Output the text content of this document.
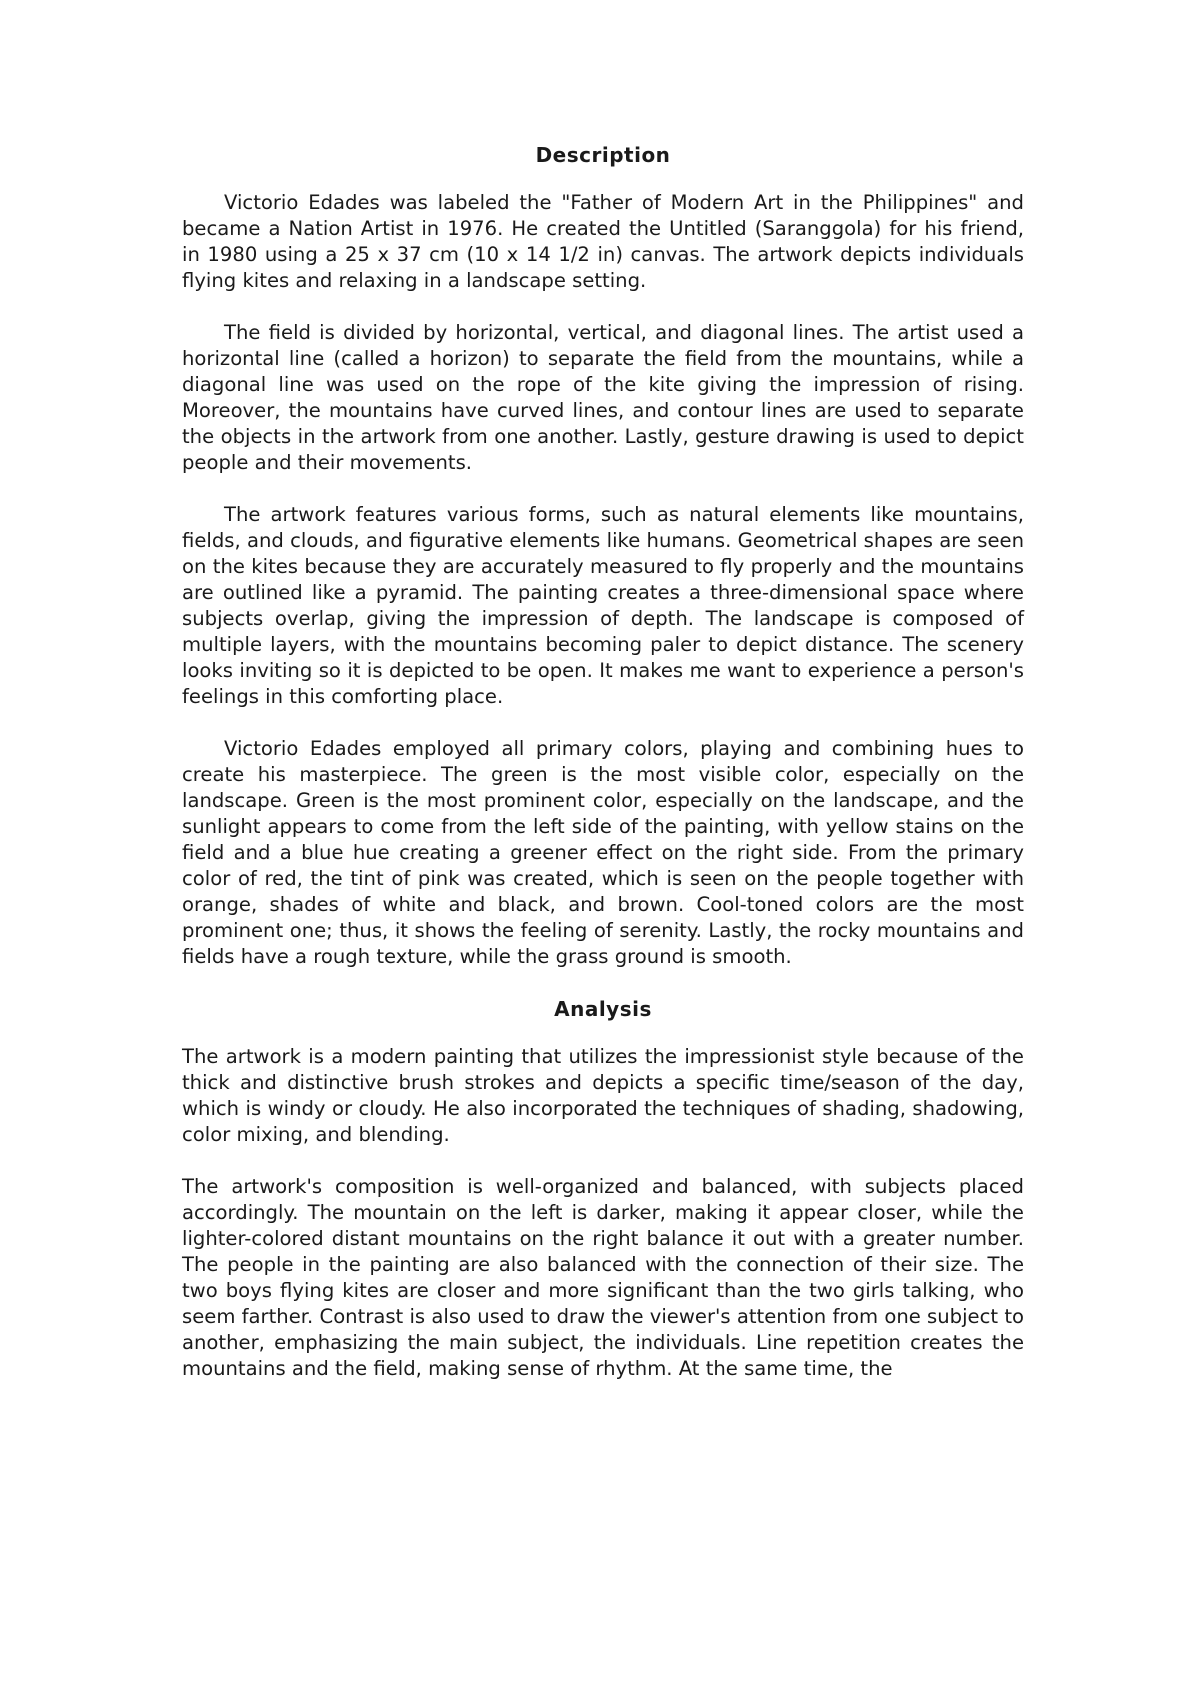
Description

Victorio Edades was labeled the "Father of Modern Art in the Philippines" and became a Nation Artist in 1976. He created the Untitled (Saranggola) for his friend, in 1980 using a 25 x 37 cm (10 x 14 1/2 in) canvas. The artwork depicts individuals flying kites and relaxing in a landscape setting.

The field is divided by horizontal, vertical, and diagonal lines. The artist used a horizontal line (called a horizon) to separate the field from the mountains, while a diagonal line was used on the rope of the kite giving the impression of rising. Moreover, the mountains have curved lines, and contour lines are used to separate the objects in the artwork from one another. Lastly, gesture drawing is used to depict people and their movements.

The artwork features various forms, such as natural elements like mountains, fields, and clouds, and figurative elements like humans. Geometrical shapes are seen on the kites because they are accurately measured to fly properly and the mountains are outlined like a pyramid. The painting creates a three-dimensional space where subjects overlap, giving the impression of depth. The landscape is composed of multiple layers, with the mountains becoming paler to depict distance. The scenery looks inviting so it is depicted to be open. It makes me want to experience a person's feelings in this comforting place.

Victorio Edades employed all primary colors, playing and combining hues to create his masterpiece. The green is the most visible color, especially on the landscape. Green is the most prominent color, especially on the landscape, and the sunlight appears to come from the left side of the painting, with yellow stains on the field and a blue hue creating a greener effect on the right side. From the primary color of red, the tint of pink was created, which is seen on the people together with orange, shades of white and black, and brown. Cool-toned colors are the most prominent one; thus, it shows the feeling of serenity. Lastly, the rocky mountains and fields have a rough texture, while the grass ground is smooth.

Analysis

The artwork is a modern painting that utilizes the impressionist style because of the thick and distinctive brush strokes and depicts a specific time/season of the day, which is windy or cloudy. He also incorporated the techniques of shading, shadowing, color mixing, and blending.

The artwork's composition is well-organized and balanced, with subjects placed accordingly. The mountain on the left is darker, making it appear closer, while the lighter-colored distant mountains on the right balance it out with a greater number. The people in the painting are also balanced with the connection of their size. The two boys flying kites are closer and more significant than the two girls talking, who seem farther. Contrast is also used to draw the viewer's attention from one subject to another, emphasizing the main subject, the individuals. Line repetition creates the mountains and the field, making sense of rhythm. At the same time, the
